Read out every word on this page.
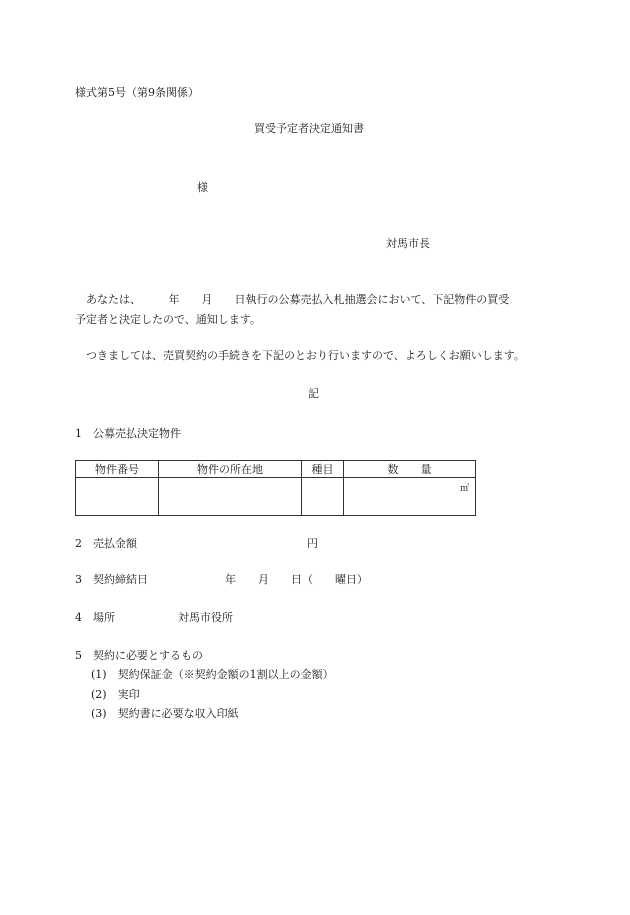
様式第5号（第9条関係）
買受予定者決定通知書
様
対馬市長
あなたは、　　　年　　月　　日執行の公募売払入札抽選会において、下記物件の買受
予定者と決定したので、通知します。
つきましては、売買契約の手続きを下記のとおり行いますので、よろしくお願いします。
記
1　公募売払決定物件
物件番号	物件の所在地	種目	数　　量

			㎡
2　売払金額	円
3　契約締結日	年　　月　　日（　　曜日）
4　場所	対馬市役所
5　契約に必要とするもの
(1)　契約保証金（※契約金額の1割以上の金額）
(2)　実印
(3)　契約書に必要な収入印紙
